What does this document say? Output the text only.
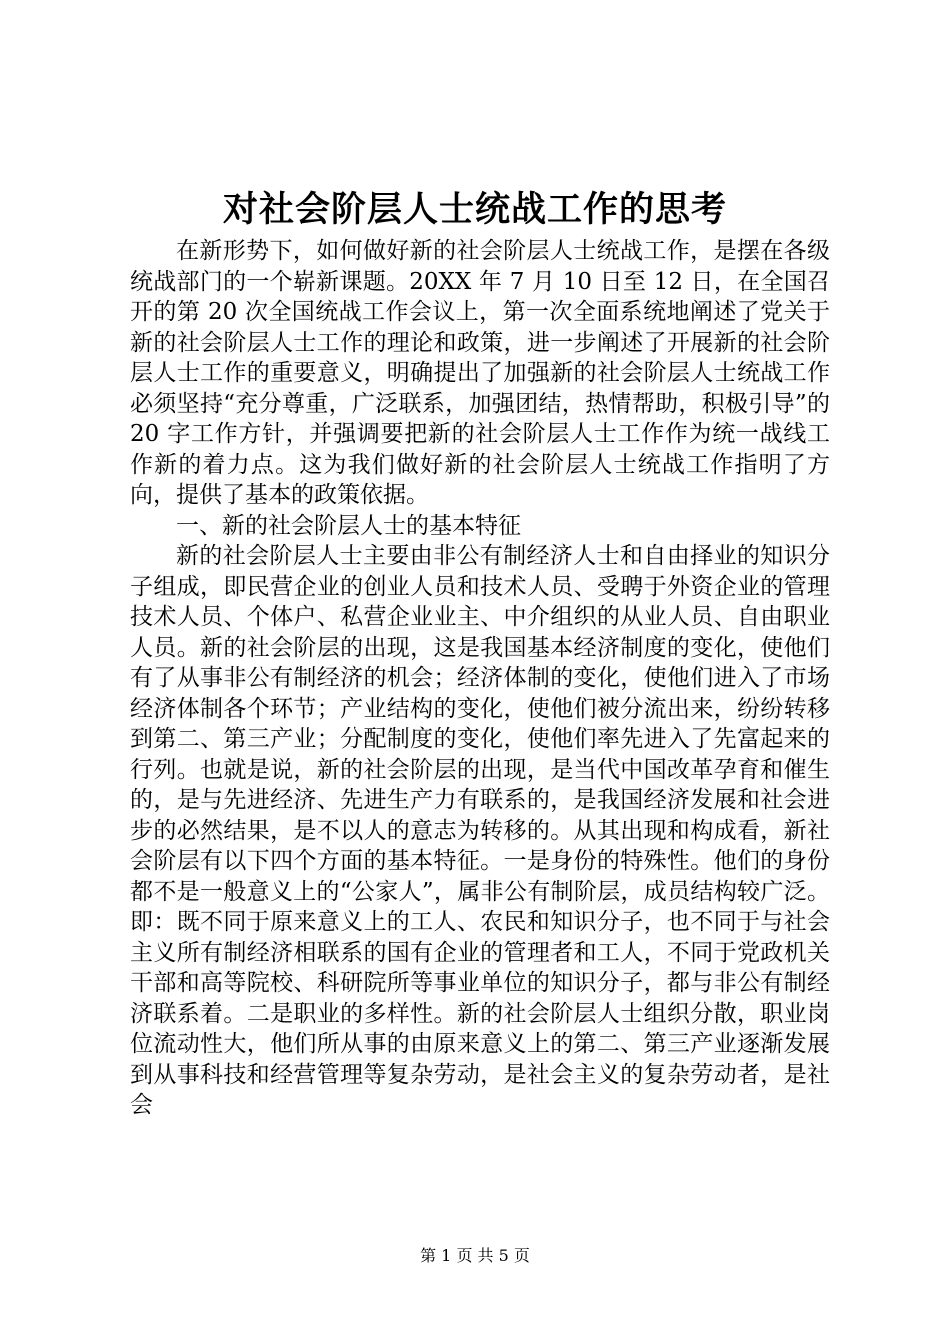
对社会阶层人士统战工作的思考

在新形势下，如何做好新的社会阶层人士统战工作，是摆在各级统战部门的一个崭新课题。20XX 年 7 月 10 日至 12 日，在全国召开的第 20 次全国统战工作会议上，第一次全面系统地阐述了党关于新的社会阶层人士工作的理论和政策，进一步阐述了开展新的社会阶层人士工作的重要意义，明确提出了加强新的社会阶层人士统战工作必须坚持“充分尊重，广泛联系，加强团结，热情帮助，积极引导”的 20 字工作方针，并强调要把新的社会阶层人士工作作为统一战线工作新的着力点。这为我们做好新的社会阶层人士统战工作指明了方向，提供了基本的政策依据。

一、新的社会阶层人士的基本特征

新的社会阶层人士主要由非公有制经济人士和自由择业的知识分子组成，即民营企业的创业人员和技术人员、受聘于外资企业的管理技术人员、个体户、私营企业业主、中介组织的从业人员、自由职业人员。新的社会阶层的出现，这是我国基本经济制度的变化，使他们有了从事非公有制经济的机会；经济体制的变化，使他们进入了市场经济体制各个环节；产业结构的变化，使他们被分流出来，纷纷转移到第二、第三产业；分配制度的变化，使他们率先进入了先富起来的行列。也就是说，新的社会阶层的出现，是当代中国改革孕育和催生的，是与先进经济、先进生产力有联系的，是我国经济发展和社会进步的必然结果，是不以人的意志为转移的。从其出现和构成看，新社会阶层有以下四个方面的基本特征。一是身份的特殊性。他们的身份都不是一般意义上的“公家人”，属非公有制阶层，成员结构较广泛。即：既不同于原来意义上的工人、农民和知识分子，也不同于与社会主义所有制经济相联系的国有企业的管理者和工人，不同于党政机关干部和高等院校、科研院所等事业单位的知识分子，都与非公有制经济联系着。二是职业的多样性。新的社会阶层人士组织分散，职业岗位流动性大，他们所从事的由原来意义上的第二、第三产业逐渐发展到从事科技和经营管理等复杂劳动，是社会主义的复杂劳动者，是社会

第 1 页 共 5 页
